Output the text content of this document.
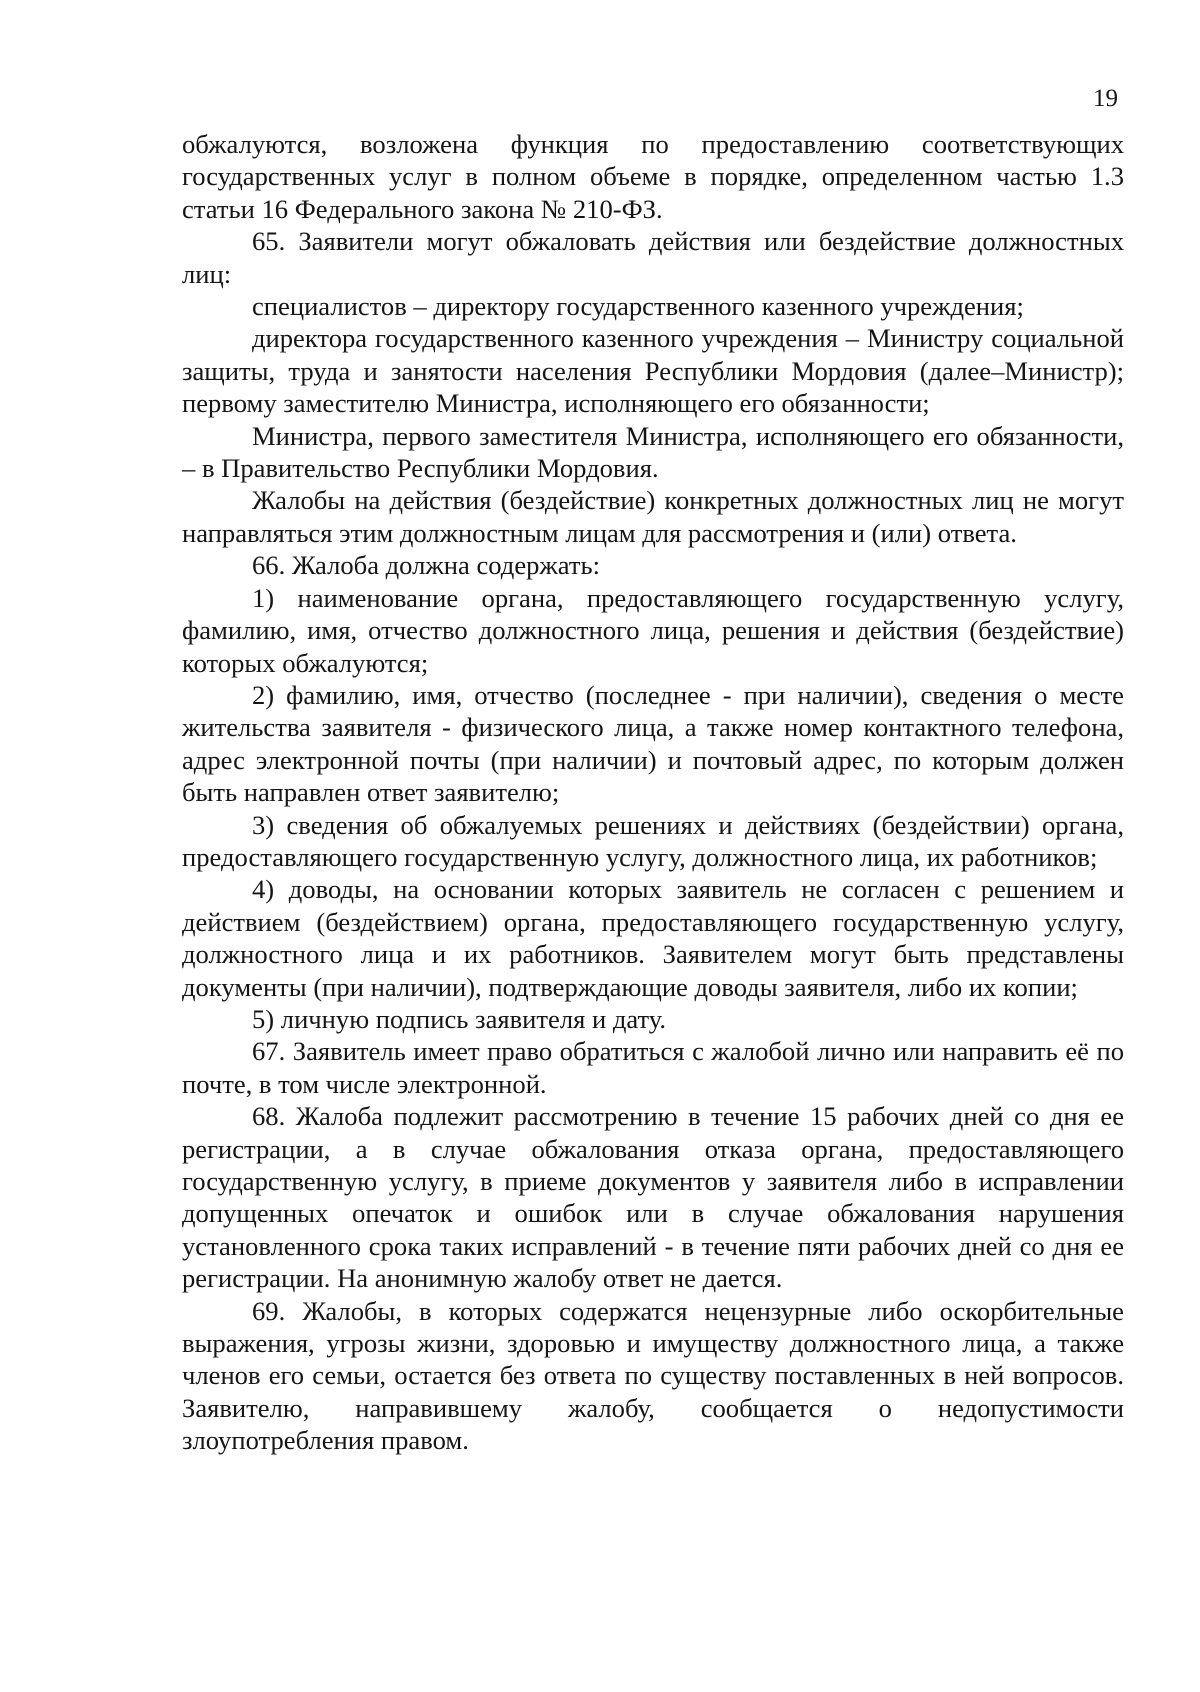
19

обжалуются, возложена функция по предоставлению соответствующих государственных услуг в полном объеме в порядке, определенном частью 1.3 статьи 16 Федерального закона № 210-ФЗ.

65. Заявители могут обжаловать действия или бездействие должностных лиц:

специалистов – директору государственного казенного учреждения;

директора государственного казенного учреждения – Министру социальной защиты, труда и занятости населения Республики Мордовия (далее–Министр); первому заместителю Министра, исполняющего его обязанности;

Министра, первого заместителя Министра, исполняющего его обязанности, – в Правительство Республики Мордовия.

Жалобы на действия (бездействие) конкретных должностных лиц не могут направляться этим должностным лицам для рассмотрения и (или) ответа.

66. Жалоба должна содержать:

1) наименование органа, предоставляющего государственную услугу, фамилию, имя, отчество должностного лица, решения и действия (бездействие) которых обжалуются;

2) фамилию, имя, отчество (последнее - при наличии), сведения о месте жительства заявителя - физического лица, а также номер контактного телефона, адрес электронной почты (при наличии) и почтовый адрес, по которым должен быть направлен ответ заявителю;

3) сведения об обжалуемых решениях и действиях (бездействии) органа, предоставляющего государственную услугу, должностного лица, их работников;

4) доводы, на основании которых заявитель не согласен с решением и действием (бездействием) органа, предоставляющего государственную услугу, должностного лица и их работников. Заявителем могут быть представлены документы (при наличии), подтверждающие доводы заявителя, либо их копии;

5) личную подпись заявителя и дату.

67. Заявитель имеет право обратиться с жалобой лично или направить её по почте, в том числе электронной.

68. Жалоба подлежит рассмотрению в течение 15 рабочих дней со дня ее регистрации, а в случае обжалования отказа органа, предоставляющего государственную услугу, в приеме документов у заявителя либо в исправлении допущенных опечаток и ошибок или в случае обжалования нарушения установленного срока таких исправлений - в течение пяти рабочих дней со дня ее регистрации. На анонимную жалобу ответ не дается.

69. Жалобы, в которых содержатся нецензурные либо оскорбительные выражения, угрозы жизни, здоровью и имуществу должностного лица, а также членов его семьи, остается без ответа по существу поставленных в ней вопросов. Заявителю, направившему жалобу, сообщается о недопустимости злоупотребления правом.
